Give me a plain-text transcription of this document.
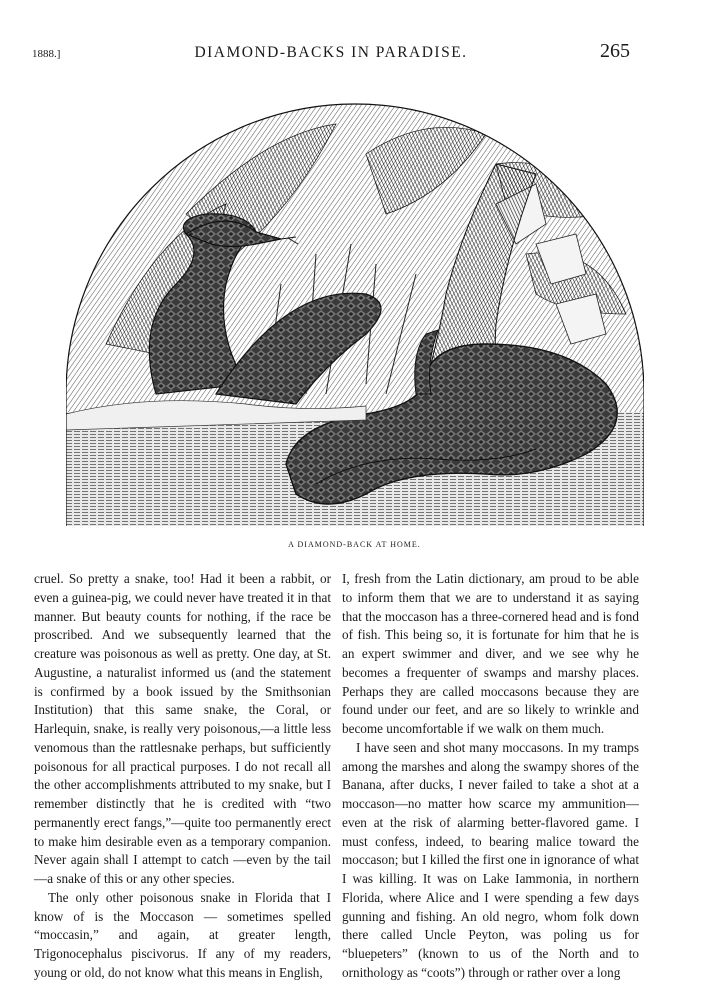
1888.]	DIAMOND-BACKS IN PARADISE.	265
A DIAMOND-BACK AT HOME.

cruel. So pretty a snake, too! Had it been a rabbit, or even a guinea-pig, we could never have treated it in that manner. But beauty counts for nothing, if the race be proscribed. And we subsequently learned that the creature was poisonous as well as pretty. One day, at St. Augustine, a naturalist informed us (and the statement is confirmed by a book issued by the Smithsonian Institution) that this same snake, the Coral, or Harlequin, snake, is really very poisonous,—a little less venomous than the rattlesnake perhaps, but sufficiently poisonous for all practical purposes. I do not recall all the other accomplishments attributed to my snake, but I remember distinctly that he is credited with “two permanently erect fangs,”—quite too permanently erect to make him desirable even as a temporary companion. Never again shall I attempt to catch —even by the tail—a snake of this or any other species.

The only other poisonous snake in Florida that I know of is the Moccason — sometimes spelled “moccasin,” and again, at greater length, Trigonocephalus piscivorus. If any of my readers, young or old, do not know what this means in English,

I, fresh from the Latin dictionary, am proud to be able to inform them that we are to understand it as saying that the moccason has a three-cornered head and is fond of fish. This being so, it is fortunate for him that he is an expert swimmer and diver, and we see why he becomes a frequenter of swamps and marshy places. Perhaps they are called moccasons because they are found under our feet, and are so likely to wrinkle and become uncomfortable if we walk on them much.

I have seen and shot many moccasons. In my tramps among the marshes and along the swampy shores of the Banana, after ducks, I never failed to take a shot at a moccason—no matter how scarce my ammunition—even at the risk of alarming better-flavored game. I must confess, indeed, to bearing malice toward the moccason; but I killed the first one in ignorance of what I was killing. It was on Lake Iammonia, in northern Florida, where Alice and I were spending a few days gunning and fishing. An old negro, whom folk down there called Uncle Peyton, was poling us for “bluepeters” (known to us of the North and to ornithology as “coots”) through or rather over a long
